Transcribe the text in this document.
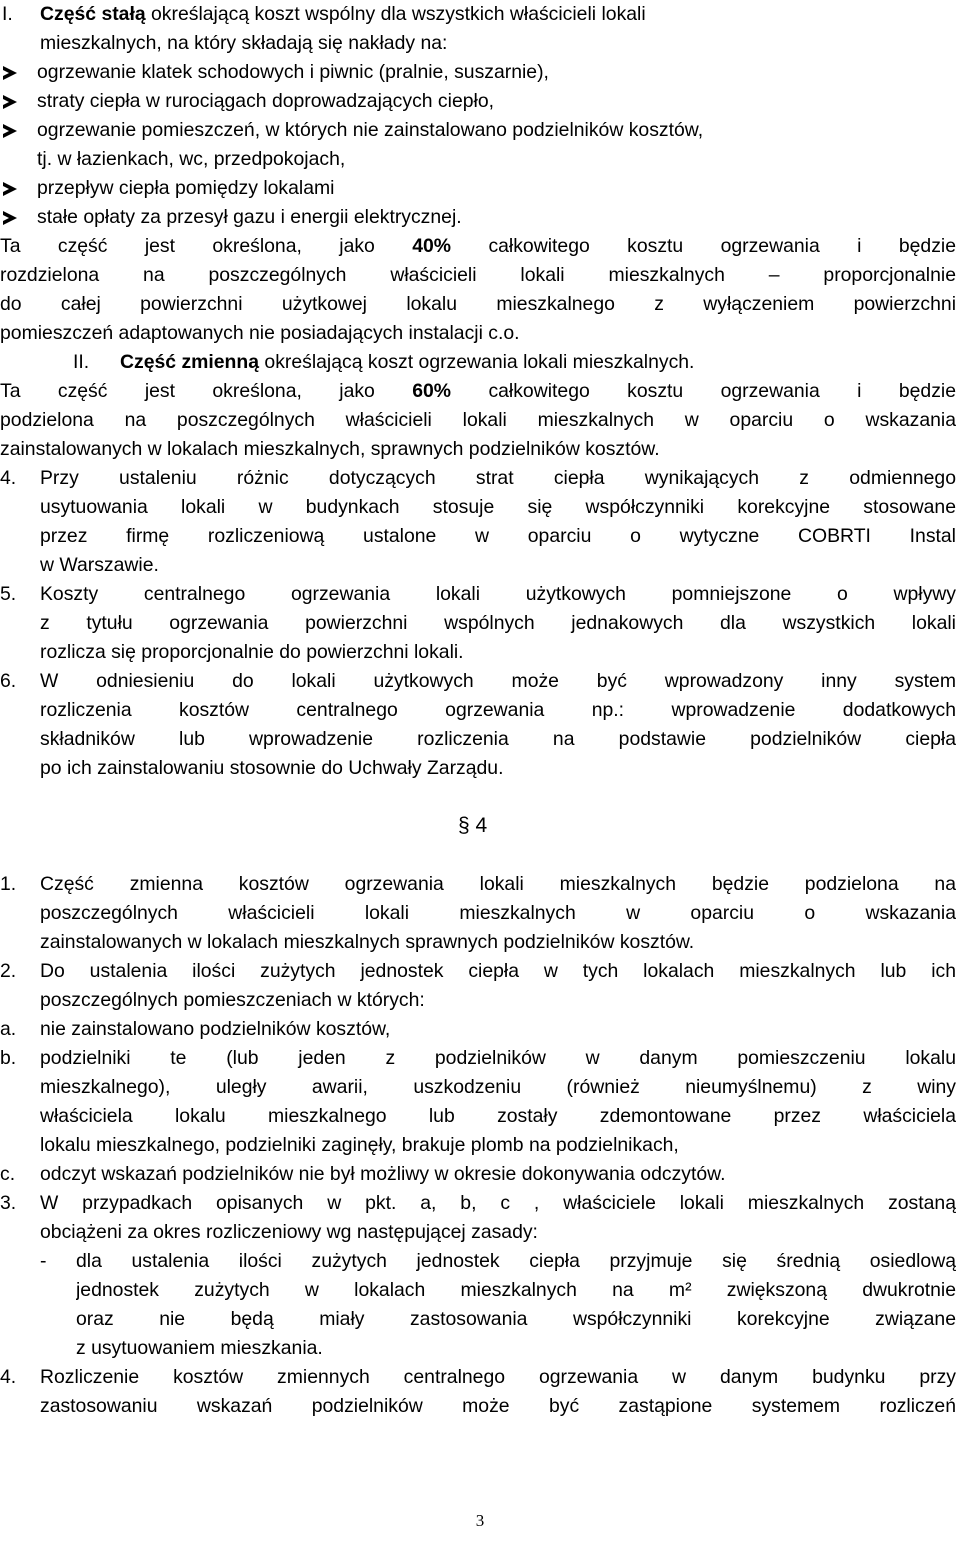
I. Część stałą określającą koszt wspólny dla wszystkich właścicieli lokali
mieszkalnych, na który składają się nakłady na:
ogrzewanie klatek schodowych i piwnic (pralnie, suszarnie),
straty ciepła w rurociągach doprowadzających ciepło,
ogrzewanie pomieszczeń, w których nie zainstalowano podzielników kosztów,
tj. w łazienkach, wc, przedpokojach,
przepływ ciepła pomiędzy lokalami
stałe opłaty za przesył gazu i energii elektrycznej.
Ta część jest określona, jako 40% całkowitego kosztu ogrzewania i będzie
rozdzielona na poszczególnych właścicieli lokali mieszkalnych – proporcjonalnie
do całej powierzchni użytkowej lokalu mieszkalnego z wyłączeniem powierzchni
pomieszczeń adaptowanych nie posiadających instalacji c.o.
II. Część zmienną określającą koszt ogrzewania lokali mieszkalnych.
Ta część jest określona, jako 60% całkowitego kosztu ogrzewania i będzie
podzielona na poszczególnych właścicieli lokali mieszkalnych w oparciu o wskazania
zainstalowanych w lokalach mieszkalnych, sprawnych podzielników kosztów.
4. Przy ustaleniu różnic dotyczących strat ciepła wynikających z odmiennego
usytuowania lokali w budynkach stosuje się współczynniki korekcyjne stosowane
przez firmę rozliczeniową ustalone w oparciu o wytyczne COBRTI Instal
w Warszawie.
5. Koszty centralnego ogrzewania lokali użytkowych pomniejszone o wpływy
z tytułu ogrzewania powierzchni wspólnych jednakowych dla wszystkich lokali
rozlicza się proporcjonalnie do powierzchni lokali.
6. W odniesieniu do lokali użytkowych może być wprowadzony inny system
rozliczenia kosztów centralnego ogrzewania np.: wprowadzenie dodatkowych
składników lub wprowadzenie rozliczenia na podstawie podzielników ciepła
po ich zainstalowaniu stosownie do Uchwały Zarządu.
§ 4
1. Część zmienna kosztów ogrzewania lokali mieszkalnych będzie podzielona na
poszczególnych właścicieli lokali mieszkalnych w oparciu o wskazania
zainstalowanych w lokalach mieszkalnych sprawnych podzielników kosztów.
2. Do ustalenia ilości zużytych jednostek ciepła w tych lokalach mieszkalnych lub ich
poszczególnych pomieszczeniach w których:
a. nie zainstalowano podzielników kosztów,
b. podzielniki te (lub jeden z podzielników w danym pomieszczeniu lokalu
mieszkalnego), uległy awarii, uszkodzeniu (również nieumyślnemu) z winy
właściciela lokalu mieszkalnego lub zostały zdemontowane przez właściciela
lokalu mieszkalnego, podzielniki zaginęły, brakuje plomb na podzielnikach,
c. odczyt wskazań podzielników nie był możliwy w okresie dokonywania odczytów.
3. W przypadkach opisanych w pkt. a, b, c , właściciele lokali mieszkalnych zostaną
obciążeni za okres rozliczeniowy wg następującej zasady:
- dla ustalenia ilości zużytych jednostek ciepła przyjmuje się średnią osiedlową
jednostek zużytych w lokalach mieszkalnych na m² zwiększoną dwukrotnie
oraz nie będą miały zastosowania współczynniki korekcyjne związane
z usytuowaniem mieszkania.
4. Rozliczenie kosztów zmiennych centralnego ogrzewania w danym budynku przy
zastosowaniu wskazań podzielników może być zastąpione systemem rozliczeń
3
